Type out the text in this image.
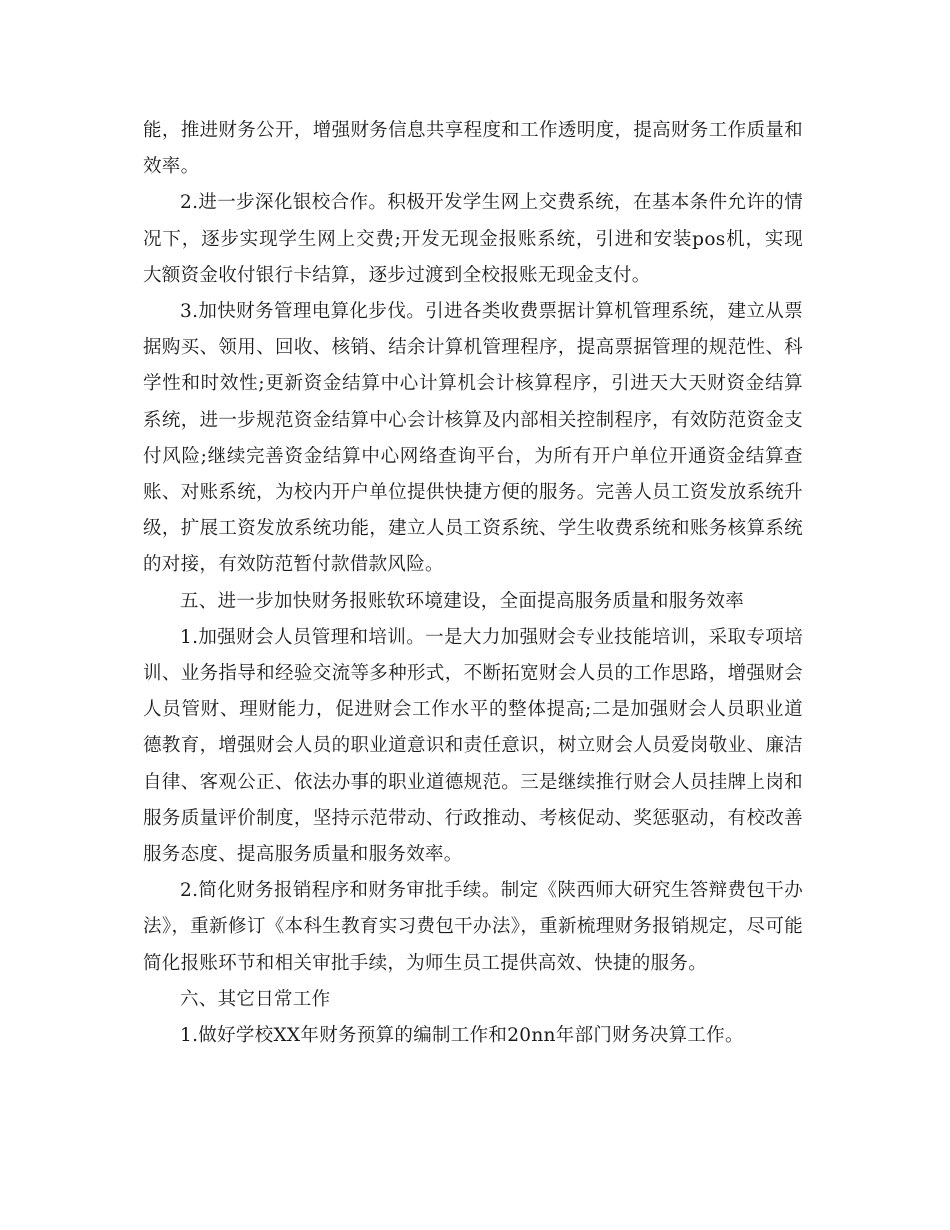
能，推进财务公开，增强财务信息共享程度和工作透明度，提高财务工作质量和效率。

2.进一步深化银校合作。积极开发学生网上交费系统，在基本条件允许的情况下，逐步实现学生网上交费;开发无现金报账系统，引进和安装pos机，实现大额资金收付银行卡结算，逐步过渡到全校报账无现金支付。

3.加快财务管理电算化步伐。引进各类收费票据计算机管理系统，建立从票据购买、领用、回收、核销、结余计算机管理程序，提高票据管理的规范性、科学性和时效性;更新资金结算中心计算机会计核算程序，引进天大天财资金结算系统，进一步规范资金结算中心会计核算及内部相关控制程序，有效防范资金支付风险;继续完善资金结算中心网络查询平台，为所有开户单位开通资金结算查账、对账系统，为校内开户单位提供快捷方便的服务。完善人员工资发放系统升级，扩展工资发放系统功能，建立人员工资系统、学生收费系统和账务核算系统的对接，有效防范暂付款借款风险。

五、进一步加快财务报账软环境建设，全面提高服务质量和服务效率

1.加强财会人员管理和培训。一是大力加强财会专业技能培训，采取专项培训、业务指导和经验交流等多种形式，不断拓宽财会人员的工作思路，增强财会人员管财、理财能力，促进财会工作水平的整体提高;二是加强财会人员职业道德教育，增强财会人员的职业道意识和责任意识，树立财会人员爱岗敬业、廉洁自律、客观公正、依法办事的职业道德规范。三是继续推行财会人员挂牌上岗和服务质量评价制度，坚持示范带动、行政推动、考核促动、奖惩驱动，有校改善服务态度、提高服务质量和服务效率。

2.简化财务报销程序和财务审批手续。制定《陕西师大研究生答辩费包干办法》，重新修订《本科生教育实习费包干办法》，重新梳理财务报销规定，尽可能简化报账环节和相关审批手续，为师生员工提供高效、快捷的服务。

六、其它日常工作

1.做好学校XX年财务预算的编制工作和20nn年部门财务决算工作。
